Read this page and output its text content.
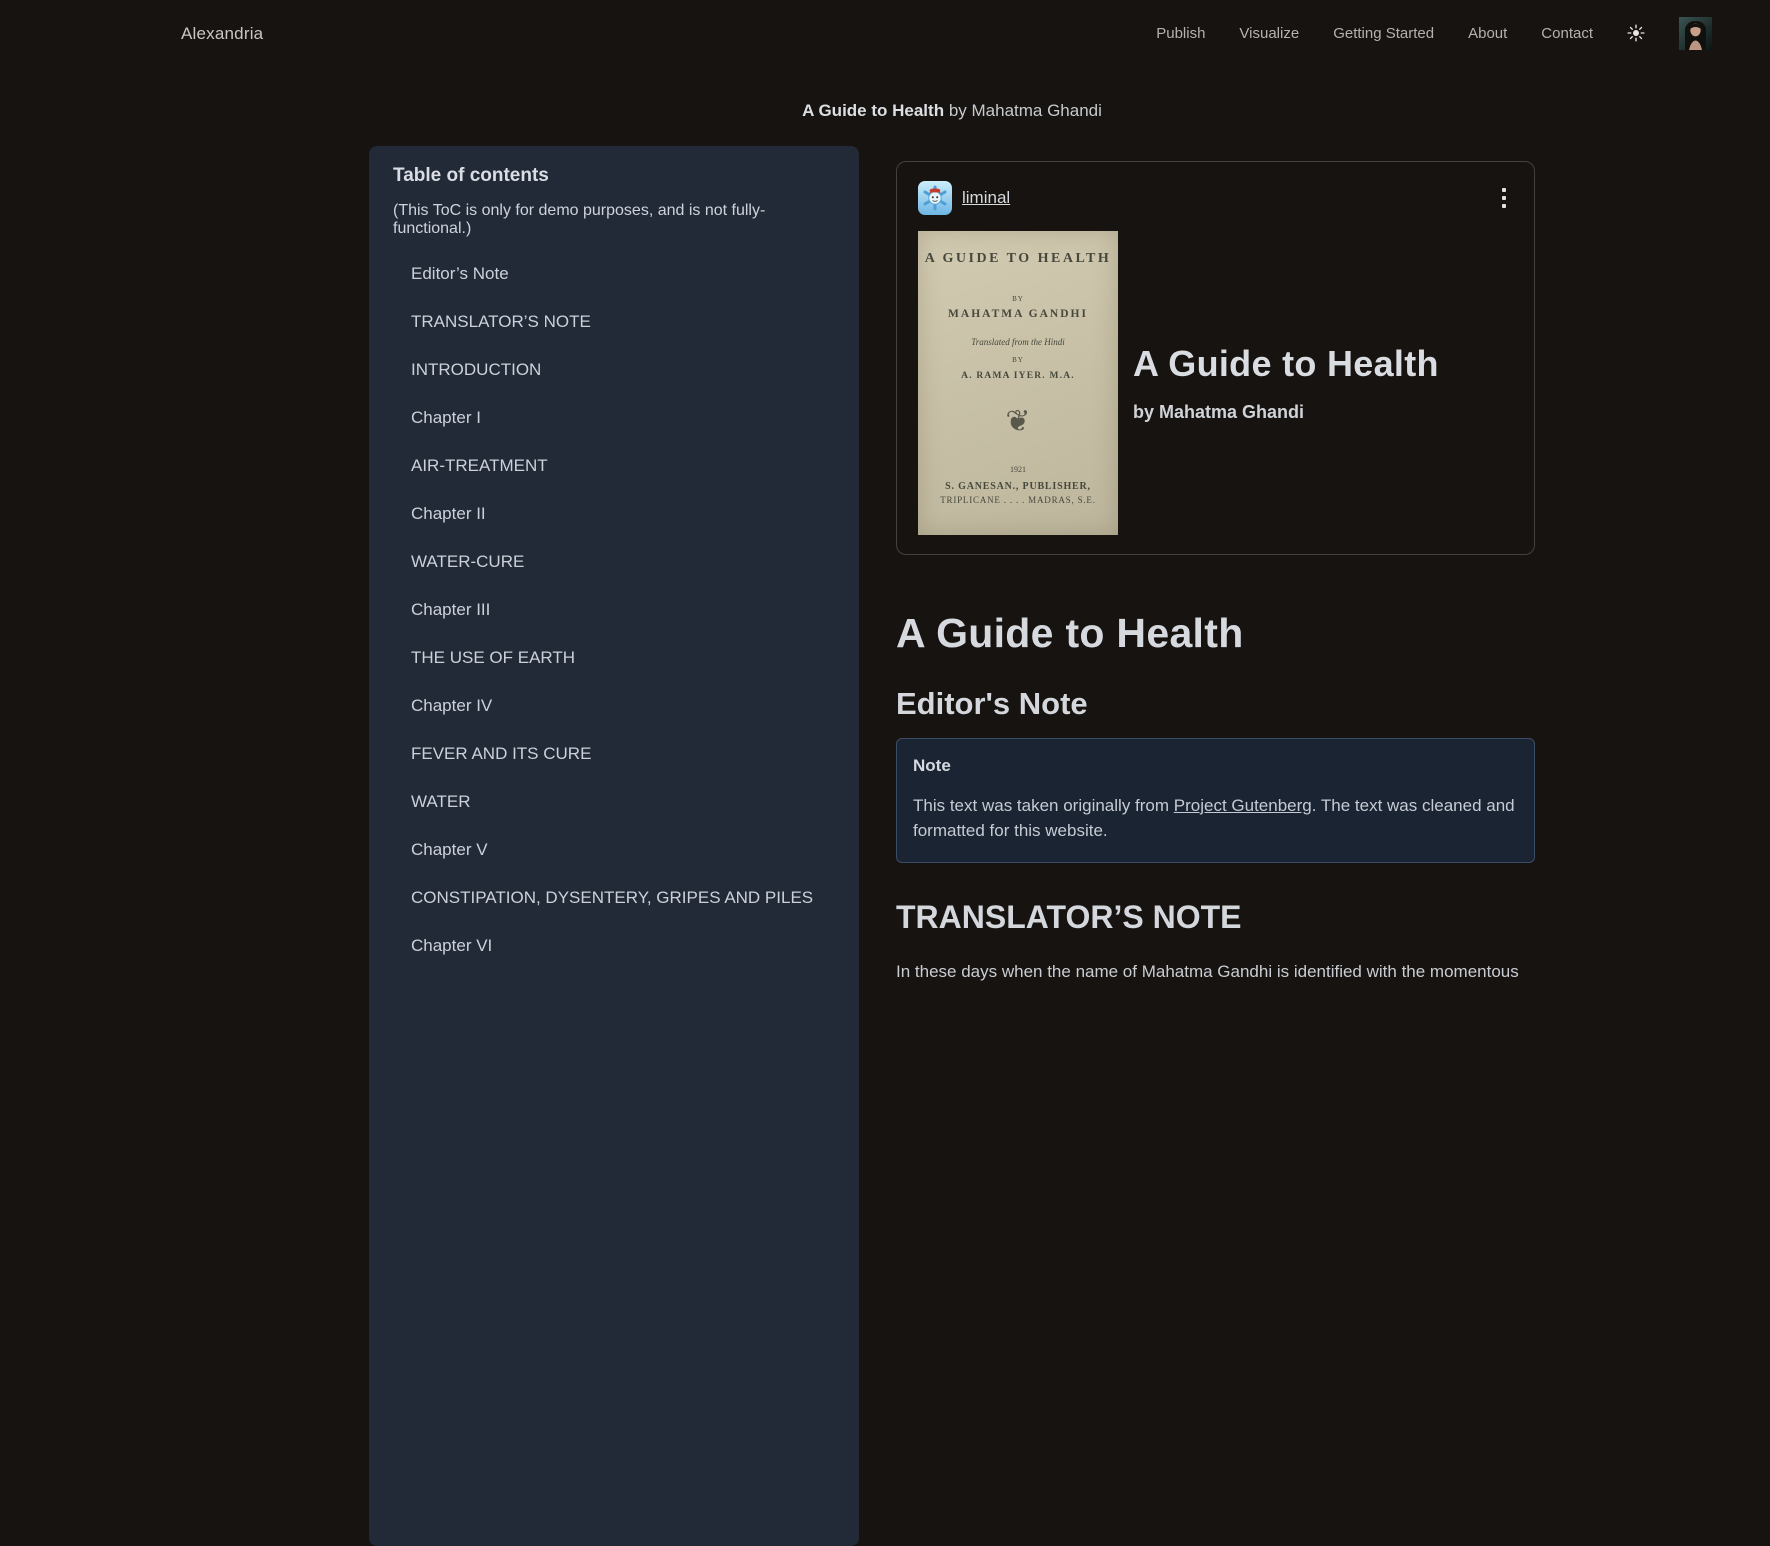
Alexandria	Publish Visualize Getting Started About Contact
A Guide to Health by Mahatma Ghandi
Table of contents
(This ToC is only for demo purposes, and is not fully-functional.)
Editor’s Note
TRANSLATOR’S NOTE
INTRODUCTION
Chapter I
AIR-TREATMENT
Chapter II
WATER-CURE
Chapter III
THE USE OF EARTH
Chapter IV
FEVER AND ITS CURE
WATER
Chapter V
CONSTIPATION, DYSENTERY, GRIPES AND PILES
Chapter VI
liminal
A GUIDE TO HEALTH
BY
MAHATMA GANDHI
Translated from the Hindi
BY
A. RAMA IYER. M.A.
❦
1921
S. GANESAN., PUBLISHER,
TRIPLICANE . . . . MADRAS, S.E.
A Guide to Health
by Mahatma Ghandi
A Guide to Health
Editor's Note
Note
This text was taken originally from Project Gutenberg. The text was cleaned and formatted for this website.
TRANSLATOR’S NOTE

In these days when the name of Mahatma Gandhi is identified with the momentous
